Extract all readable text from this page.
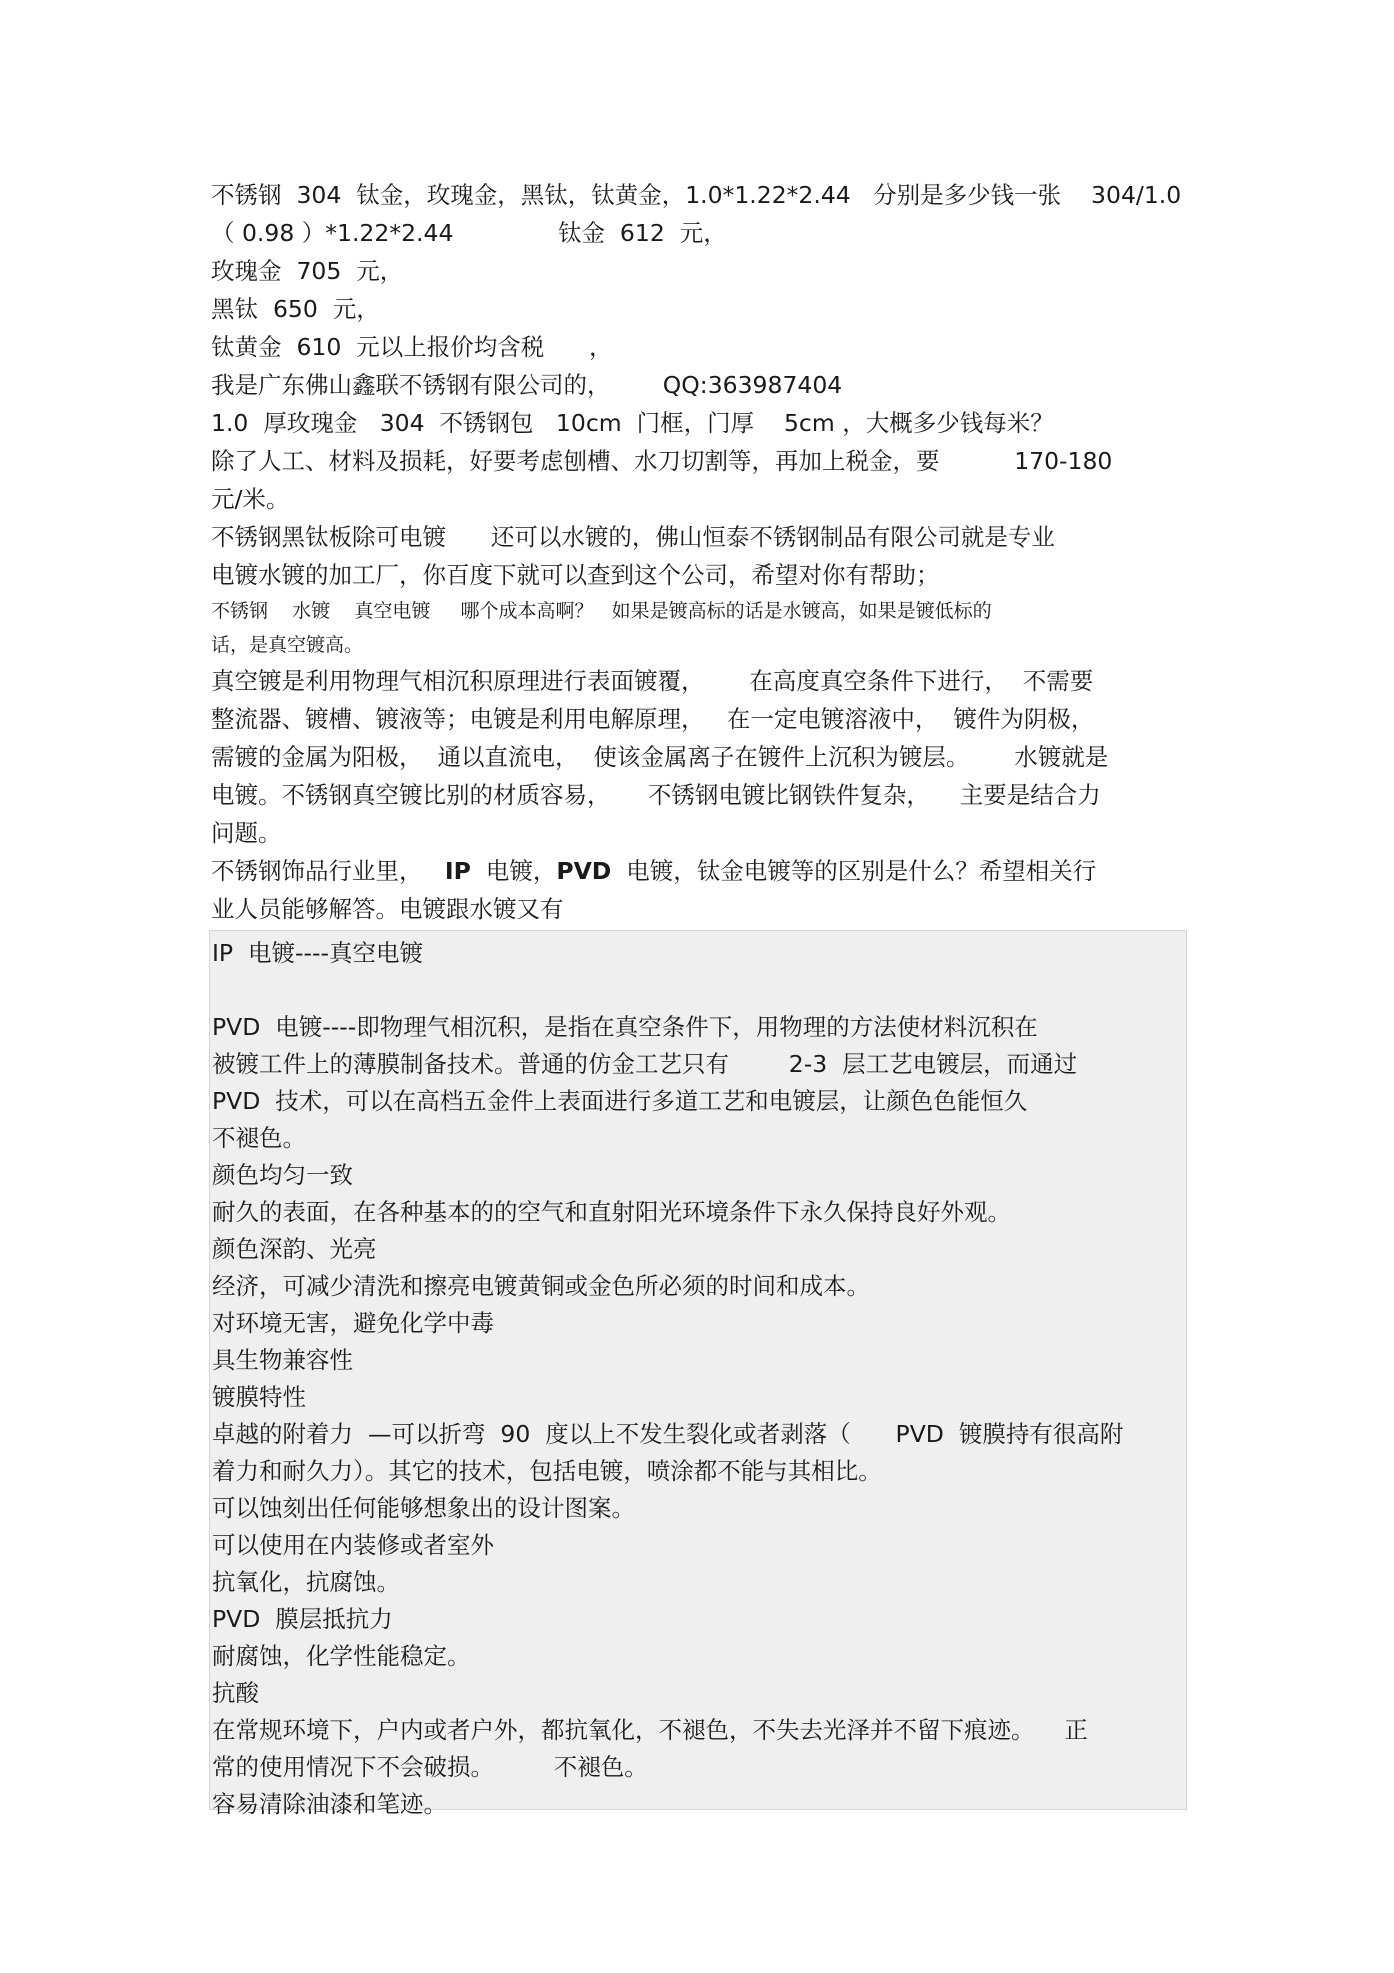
不锈钢  304  钛金，玫瑰金，黑钛，钛黄金，1.0*1.22*2.44   分别是多少钱一张    304/1.0
（ 0.98 ）*1.22*2.44              钛金  612  元，
玫瑰金  705  元，
黑钛  650  元，
钛黄金  610  元以上报价均含税      ，
我是广东佛山鑫联不锈钢有限公司的，       QQ:363987404
1.0  厚玫瑰金   304  不锈钢包   10cm  门框，门厚    5cm ，大概多少钱每米？
除了人工、材料及损耗，好要考虑刨槽、水刀切割等，再加上税金，要          170-180
元/米。
不锈钢黑钛板除可电镀      还可以水镀的，佛山恒泰不锈钢制品有限公司就是专业
电镀水镀的加工厂，你百度下就可以查到这个公司，希望对你有帮助；
不锈钢    水镀    真空电镀     哪个成本高啊？   如果是镀高标的话是水镀高，如果是镀低标的
话，是真空镀高。
真空镀是利用物理气相沉积原理进行表面镀覆，      在高度真空条件下进行，  不需要
整流器、镀槽、镀液等；电镀是利用电解原理，   在一定电镀溶液中，  镀件为阴极，
需镀的金属为阳极，  通以直流电，  使该金属离子在镀件上沉积为镀层。      水镀就是
电镀。不锈钢真空镀比别的材质容易，     不锈钢电镀比钢铁件复杂，    主要是结合力
问题。
不锈钢饰品行业里，   IP  电镀，PVD  电镀，钛金电镀等的区别是什么？希望相关行
业人员能够解答。电镀跟水镀又有
IP  电镀----真空电镀
PVD  电镀----即物理气相沉积，是指在真空条件下，用物理的方法使材料沉积在
被镀工件上的薄膜制备技术。普通的仿金工艺只有        2-3  层工艺电镀层，而通过
PVD  技术，可以在高档五金件上表面进行多道工艺和电镀层，让颜色色能恒久
不褪色。
颜色均匀一致
耐久的表面，在各种基本的的空气和直射阳光环境条件下永久保持良好外观。
颜色深韵、光亮
经济，可减少清洗和擦亮电镀黄铜或金色所必须的时间和成本。
对环境无害，避免化学中毒
具生物兼容性
镀膜特性
卓越的附着力  —可以折弯  90  度以上不发生裂化或者剥落（      PVD  镀膜持有很高附
着力和耐久力）。其它的技术，包括电镀，喷涂都不能与其相比。
可以蚀刻出任何能够想象出的设计图案。
可以使用在内装修或者室外
抗氧化，抗腐蚀。
PVD  膜层抵抗力
耐腐蚀，化学性能稳定。
抗酸
在常规环境下，户内或者户外，都抗氧化，不褪色，不失去光泽并不留下痕迹。    正
常的使用情况下不会破损。        不褪色。
容易清除油漆和笔迹。
